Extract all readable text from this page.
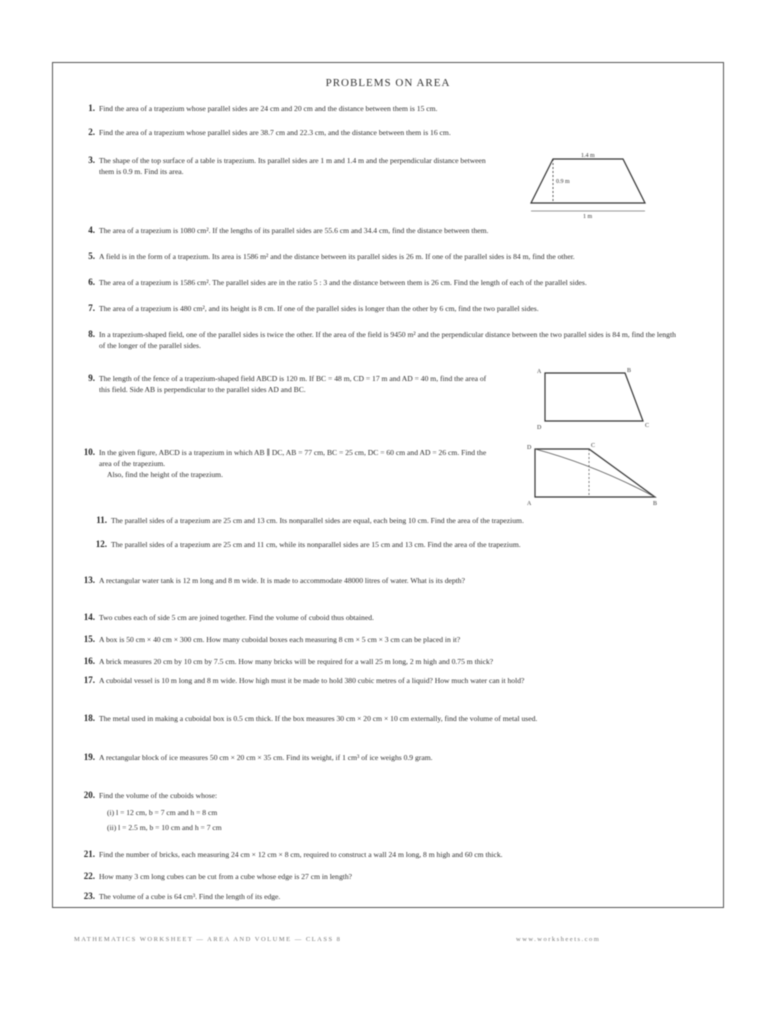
PROBLEMS ON AREA
1. Find the area of a trapezium whose parallel sides are 24 cm and 20 cm and the distance between them is 15 cm.
2. Find the area of a trapezium whose parallel sides are 38.7 cm and 22.3 cm, and the distance between them is 16 cm.
3. The shape of the top surface of a table is trapezium. Its parallel sides are 1 m and 1.4 m and the perpendicular distance between them is 0.9 m. Find its area.
1.4 m
0.9 m
1 m
4. The area of a trapezium is 1080 cm². If the lengths of its parallel sides are 55.6 cm and 34.4 cm, find the distance between them.
5. A field is in the form of a trapezium. Its area is 1586 m² and the distance between its parallel sides is 26 m. If one of the parallel sides is 84 m, find the other.
6. The area of a trapezium is 1586 cm². The parallel sides are in the ratio 5 : 3 and the distance between them is 26 cm. Find the length of each of the parallel sides.
7. The area of a trapezium is 480 cm², and its height is 8 cm. If one of the parallel sides is longer than the other by 6 cm, find the two parallel sides.
8. In a trapezium-shaped field, one of the parallel sides is twice the other. If the area of the field is 9450 m² and the perpendicular distance between the two parallel sides is 84 m, find the length of the longer of the parallel sides.
9. The length of the fence of a trapezium-shaped field ABCD is 120 m. If BC = 48 m, CD = 17 m and AD = 40 m, find the area of this field. Side AB is perpendicular to the parallel sides AD and BC.
A	B
C
D
10. In the given figure, ABCD is a trapezium in which AB ∥ DC, AB = 77 cm, BC = 25 cm, DC = 60 cm and AD = 26 cm. Find the area of the trapezium.
Also, find the height of the trapezium.
D	C
A	B
11. The parallel sides of a trapezium are 25 cm and 13 cm. Its nonparallel sides are equal, each being 10 cm. Find the area of the trapezium.
12. The parallel sides of a trapezium are 25 cm and 11 cm, while its nonparallel sides are 15 cm and 13 cm. Find the area of the trapezium.
13. A rectangular water tank is 12 m long and 8 m wide. It is made to accommodate 48000 litres of water. What is its depth?
14. Two cubes each of side 5 cm are joined together. Find the volume of cuboid thus obtained.
15. A box is 50 cm × 40 cm × 300 cm. How many cuboidal boxes each measuring 8 cm × 5 cm × 3 cm can be placed in it?
16. A brick measures 20 cm by 10 cm by 7.5 cm. How many bricks will be required for a wall 25 m long, 2 m high and 0.75 m thick?
17. A cuboidal vessel is 10 m long and 8 m wide. How high must it be made to hold 380 cubic metres of a liquid? How much water can it hold?
18. The metal used in making a cuboidal box is 0.5 cm thick. If the box measures 30 cm × 20 cm × 10 cm externally, find the volume of metal used.
19. A rectangular block of ice measures 50 cm × 20 cm × 35 cm. Find its weight, if 1 cm³ of ice weighs 0.9 gram.
20. Find the volume of the cuboids whose:
(i) l = 12 cm, b = 7 cm and h = 8 cm
(ii) l = 2.5 m, b = 10 cm and h = 7 cm
21. Find the number of bricks, each measuring 24 cm × 12 cm × 8 cm, required to construct a wall 24 m long, 8 m high and 60 cm thick.
22. How many 3 cm long cubes can be cut from a cube whose edge is 27 cm in length?
23. The volume of a cube is 64 cm³. Find the length of its edge.
MATHEMATICS WORKSHEET — AREA AND VOLUME — CLASS 8	www.worksheets.com
